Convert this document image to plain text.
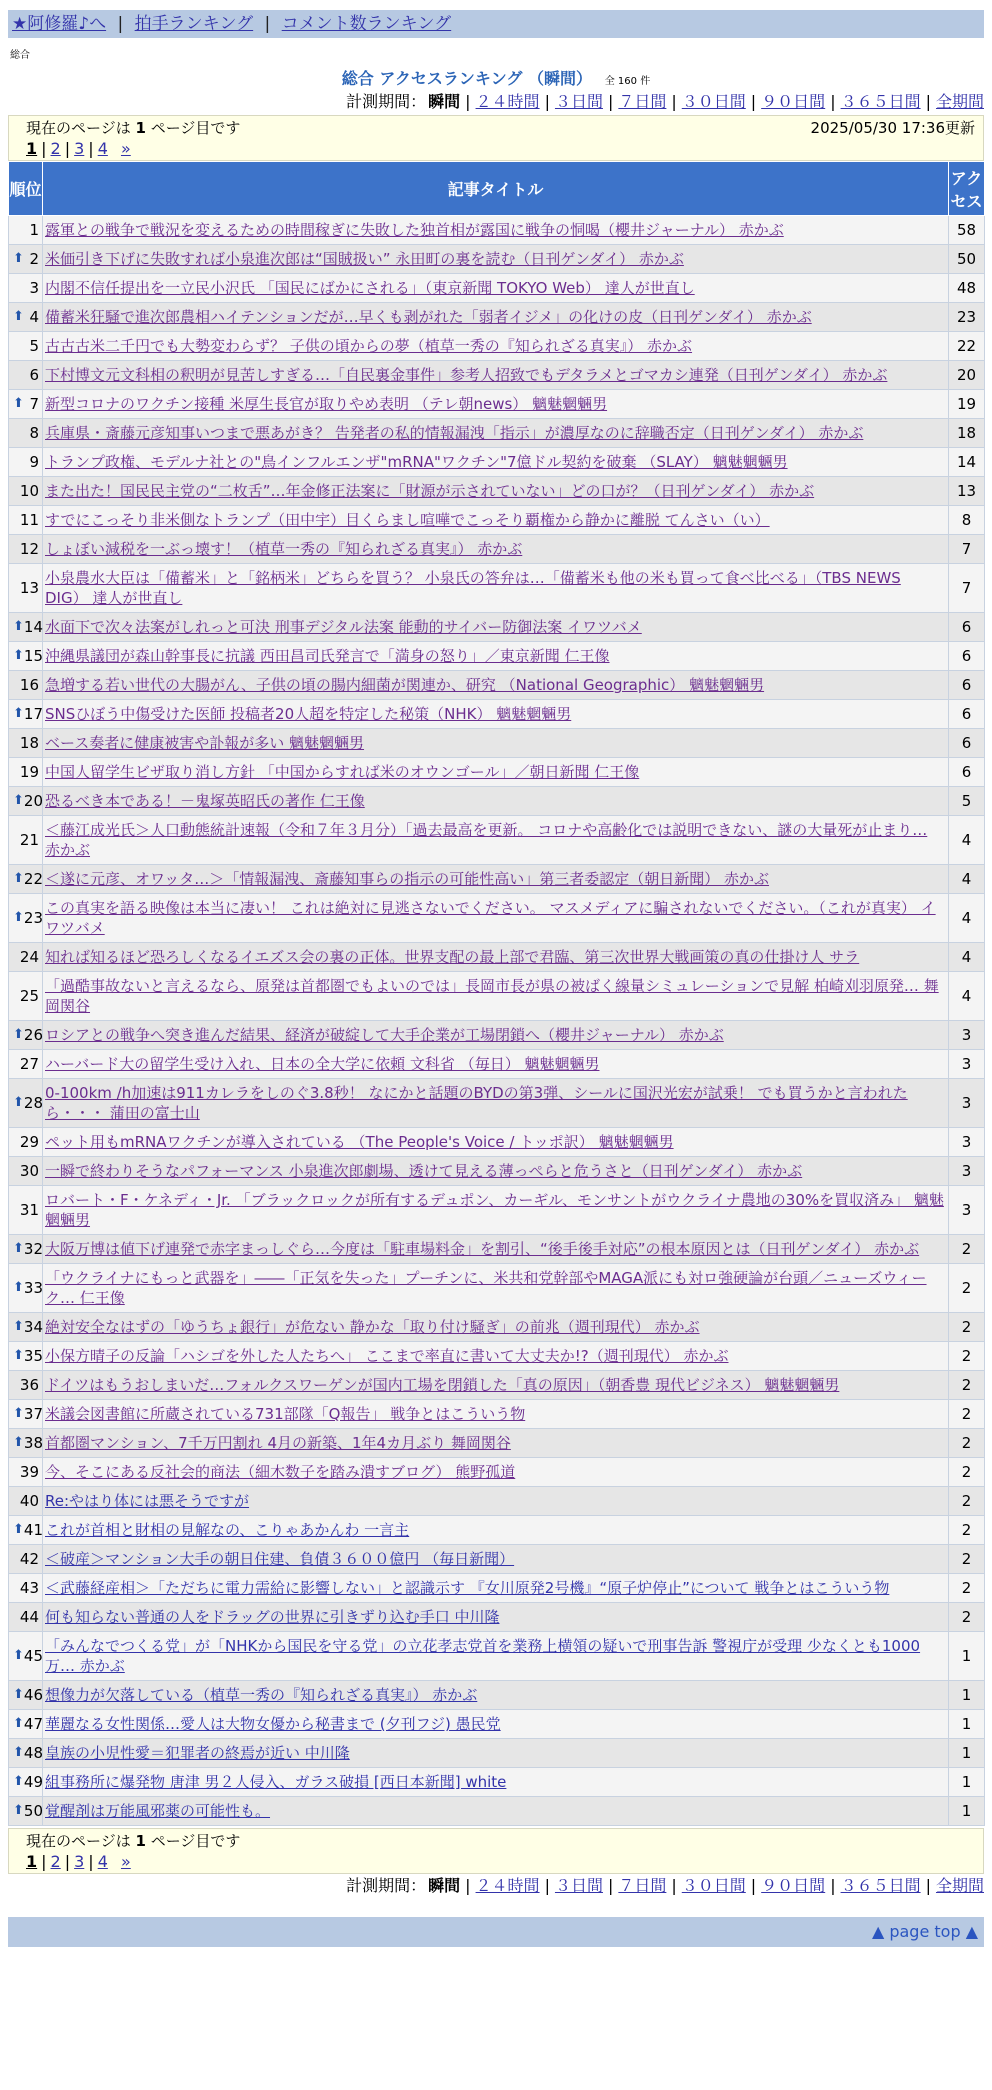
★阿修羅♪へ | 拍手ランキング | コメント数ランキング
総合
総合 アクセスランキング （瞬間） 全 160 件
計測期間： 瞬間 | ２４時間 | ３日間 | ７日間 | ３０日間 | ９０日間 | ３６５日間 | 全期間
現在のページは 1 ページ目です	2025/05/30 17:36更新
1 | 2 | 3 | 4 »
順位	記事タイトル	アクセス
1	露軍との戦争で戦況を変えるための時間稼ぎに失敗した独首相が露国に戦争の恫喝（櫻井ジャーナル） 赤かぶ	58

⬆ 2	米価引き下げに失敗すれば小泉進次郎は“国賊扱い” 永田町の裏を読む（日刊ゲンダイ） 赤かぶ	50
3	内閣不信任提出を一立民小沢氏 「国民にばかにされる」（東京新聞 TOKYO Web） 達人が世直し	48

⬆ 4	備蓄米狂騒で進次郎農相ハイテンションだが…早くも剥がれた「弱者イジメ」の化けの皮（日刊ゲンダイ） 赤かぶ	23
5	古古古米二千円でも大勢変わらず？ 子供の頃からの夢（植草一秀の『知られざる真実』） 赤かぶ	22
6	下村博文元文科相の釈明が見苦しすぎる…「自民裏金事件」参考人招致でもデタラメとゴマカシ連発（日刊ゲンダイ） 赤かぶ	20

⬆ 7	新型コロナのワクチン接種 米厚生長官が取りやめ表明 （テレ朝news） 魑魅魍魎男	19
8	兵庫県・斎藤元彦知事いつまで悪あがき？ 告発者の私的情報漏洩「指示」が濃厚なのに辞職否定（日刊ゲンダイ） 赤かぶ	18
9	トランプ政権、モデルナ社との"鳥インフルエンザ"mRNA"ワクチン"7億ドル契約を破棄 （SLAY） 魑魅魍魎男	14
10	また出た！国民民主党の“二枚舌”…年金修正法案に「財源が示されていない」どの口が？（日刊ゲンダイ） 赤かぶ	13
11	すでにこっそり非米側なトランプ（田中宇）目くらまし喧嘩でこっそり覇権から静かに離脱 てんさい（い）	8
12	しょぼい減税を一ぶっ壊す！（植草一秀の『知られざる真実』） 赤かぶ	7
13	小泉農水大臣は「備蓄米」と「銘柄米」どちらを買う？ 小泉氏の答弁は…「備蓄米も他の米も買って食べ比べる」（TBS NEWS DIG） 達人が世直し	7

⬆ 14	水面下で次々法案がしれっと可決 刑事デジタル法案 能動的サイバー防御法案 イワツバメ	6

⬆ 15	沖縄県議団が森山幹事長に抗議 西田昌司氏発言で「満身の怒り」／東京新聞 仁王像	6
16	急増する若い世代の大腸がん、子供の頃の腸内細菌が関連か、研究 （National Geographic） 魑魅魍魎男	6

⬆ 17	SNSひぼう中傷受けた医師 投稿者20人超を特定した秘策（NHK） 魑魅魍魎男	6
18	ベース奏者に健康被害や訃報が多い 魑魅魍魎男	6
19	中国人留学生ビザ取り消し方針 「中国からすれば米のオウンゴール」／朝日新聞 仁王像	6

⬆ 20	恐るべき本である！－鬼塚英昭氏の著作 仁王像	5
21	＜藤江成光氏＞人口動態統計速報（令和７年３月分）「過去最高を更新。 コロナや高齢化では説明できない、謎の大量死が止まり… 赤かぶ	4

⬆ 22	＜遂に元彦、オワッタ…＞「情報漏洩、斎藤知事らの指示の可能性高い」第三者委認定（朝日新聞） 赤かぶ	4

⬆ 23	この真実を語る映像は本当に凄い！ これは絶対に見逃さないでください。 マスメディアに騙されないでください。（これが真実） イワツバメ	4
24	知れば知るほど恐ろしくなるイエズス会の裏の正体。世界支配の最上部で君臨、第三次世界大戦画策の真の仕掛け人 サラ	4
25	「過酷事故ないと言えるなら、原発は首都圏でもよいのでは」長岡市長が県の被ばく線量シミュレーションで見解 柏崎刈羽原発… 舞岡関谷	4

⬆ 26	ロシアとの戦争へ突き進んだ結果、経済が破綻して大手企業が工場閉鎖へ（櫻井ジャーナル） 赤かぶ	3
27	ハーバード大の留学生受け入れ、日本の全大学に依頼 文科省 （毎日） 魑魅魍魎男	3

⬆ 28	0-100km /h加速は911カレラをしのぐ3.8秒！ なにかと話題のBYDの第3弾、シールに国沢光宏が試乗！ でも買うかと言われたら・・・ 蒲田の富士山	3
29	ペット用もmRNAワクチンが導入されている （The People's Voice / トッポ訳） 魑魅魍魎男	3
30	一瞬で終わりそうなパフォーマンス 小泉進次郎劇場、透けて見える薄っぺらと危うさと（日刊ゲンダイ） 赤かぶ	3
31	ロバート・F・ケネディ・Jr. 「ブラックロックが所有するデュポン、カーギル、モンサントがウクライナ農地の30%を買収済み」 魑魅魍魎男	3

⬆ 32	大阪万博は値下げ連発で赤字まっしぐら…今度は「駐車場料金」を割引、“後手後手対応”の根本原因とは（日刊ゲンダイ） 赤かぶ	2

⬆ 33	「ウクライナにもっと武器を」――「正気を失った」プーチンに、米共和党幹部やMAGA派にも対ロ強硬論が台頭／ニューズウィーク… 仁王像	2

⬆ 34	絶対安全なはずの「ゆうちょ銀行」が危ない 静かな「取り付け騒ぎ」の前兆（週刊現代） 赤かぶ	2

⬆ 35	小保方晴子の反論「ハシゴを外した人たちへ」 ここまで率直に書いて大丈夫か!?（週刊現代） 赤かぶ	2
36	ドイツはもうおしまいだ…フォルクスワーゲンが国内工場を閉鎖した「真の原因」（朝香豊 現代ビジネス） 魑魅魍魎男	2

⬆ 37	米議会図書館に所蔵されている731部隊「Q報告」 戦争とはこういう物	2

⬆ 38	首都圏マンション、7千万円割れ 4月の新築、1年4カ月ぶり 舞岡関谷	2
39	今、そこにある反社会的商法（細木数子を踏み潰すブログ） 熊野孤道	2
40	Re:やはり体には悪そうですが	2

⬆ 41	これが首相と財相の見解なの、こりゃあかんわ 一言主	2
42	＜破産＞マンション大手の朝日住建、負債３６００億円 （毎日新聞）	2
43	＜武藤経産相＞「ただちに電力需給に影響しない」と認識示す 『女川原発2号機』“原子炉停止”について 戦争とはこういう物	2
44	何も知らない普通の人をドラッグの世界に引きずり込む手口 中川隆	2

⬆ 45	「みんなでつくる党」が「NHKから国民を守る党」の立花孝志党首を業務上横領の疑いで刑事告訴 警視庁が受理 少なくとも1000万… 赤かぶ	1

⬆ 46	想像力が欠落している（植草一秀の『知られざる真実』） 赤かぶ	1

⬆ 47	華麗なる女性関係…愛人は大物女優から秘書まで (夕刊フジ) 愚民党	1

⬆ 48	皇族の小児性愛＝犯罪者の終焉が近い 中川隆	1

⬆ 49	組事務所に爆発物 唐津 男２人侵入、ガラス破損 [西日本新聞] white	1

⬆ 50	覚醒剤は万能風邪薬の可能性も。	1
現在のページは 1 ページ目です
1 | 2 | 3 | 4 »
計測期間： 瞬間 | ２４時間 | ３日間 | ７日間 | ３０日間 | ９０日間 | ３６５日間 | 全期間
▲ page top ▲
